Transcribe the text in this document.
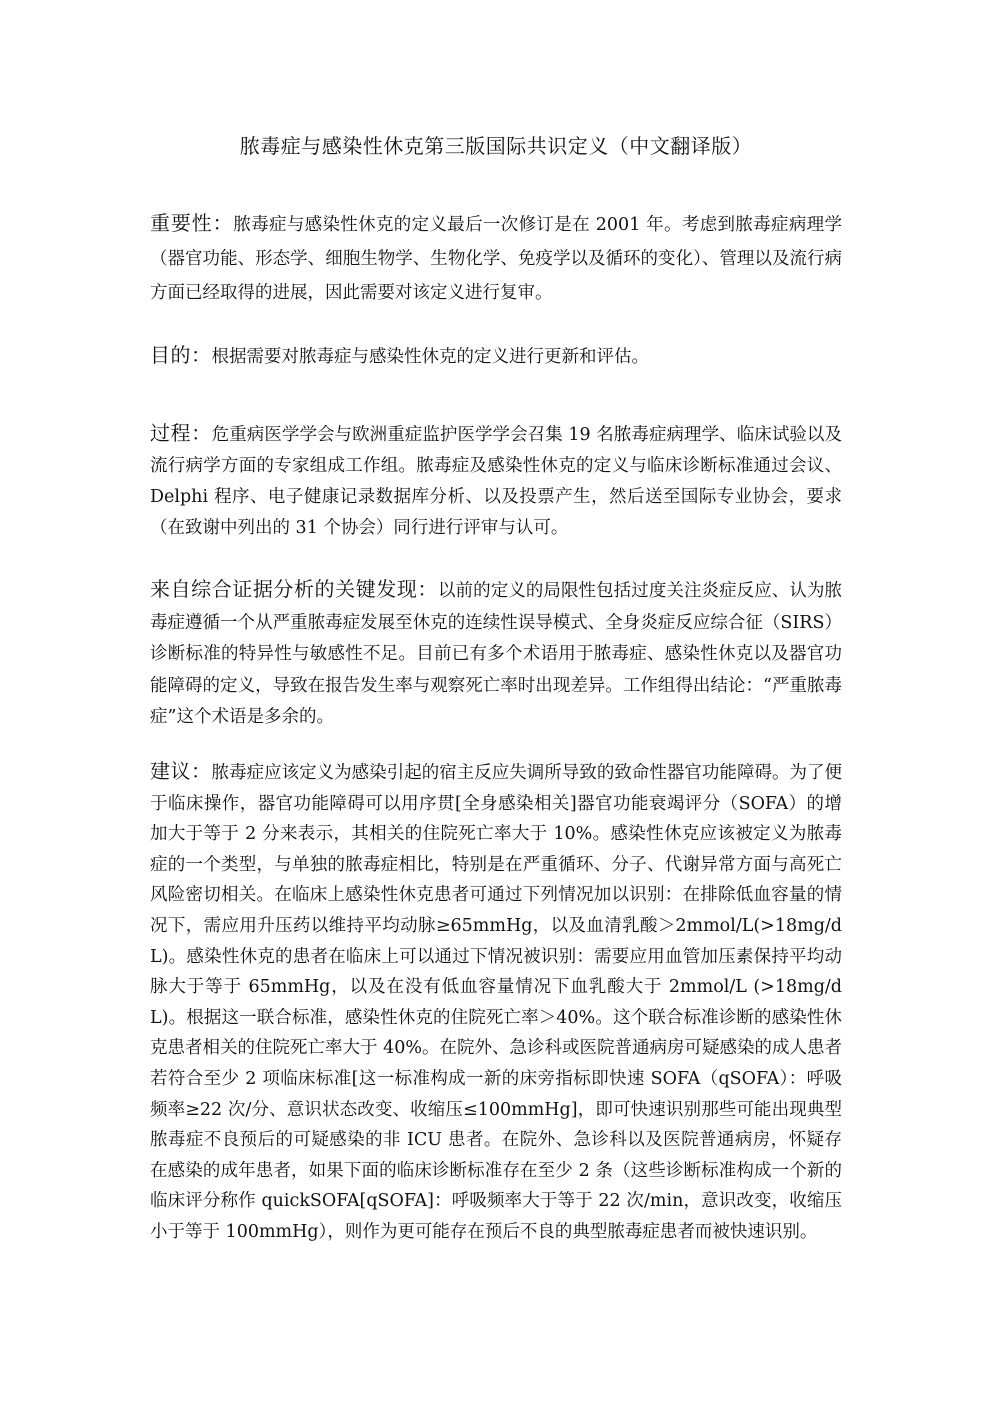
脓毒症与感染性休克第三版国际共识定义（中文翻译版）
重要性：脓毒症与感染性休克的定义最后一次修订是在 2001 年。考虑到脓毒症病理学（器官功能、形态学、细胞生物学、生物化学、免疫学以及循环的变化）、管理以及流行病方面已经取得的进展，因此需要对该定义进行复审。
目的：根据需要对脓毒症与感染性休克的定义进行更新和评估。
过程：危重病医学学会与欧洲重症监护医学学会召集 19 名脓毒症病理学、临床试验以及流行病学方面的专家组成工作组。脓毒症及感染性休克的定义与临床诊断标准通过会议、Delphi 程序、电子健康记录数据库分析、以及投票产生，然后送至国际专业协会，要求（在致谢中列出的 31 个协会）同行进行评审与认可。
来自综合证据分析的关键发现：以前的定义的局限性包括过度关注炎症反应、认为脓毒症遵循一个从严重脓毒症发展至休克的连续性误导模式、全身炎症反应综合征（SIRS）诊断标准的特异性与敏感性不足。目前已有多个术语用于脓毒症、感染性休克以及器官功能障碍的定义，导致在报告发生率与观察死亡率时出现差异。工作组得出结论：“严重脓毒症”这个术语是多余的。
建议：脓毒症应该定义为感染引起的宿主反应失调所导致的致命性器官功能障碍。为了便于临床操作，器官功能障碍可以用序贯[全身感染相关]器官功能衰竭评分（SOFA）的增加大于等于 2 分来表示，其相关的住院死亡率大于 10%。感染性休克应该被定义为脓毒症的一个类型，与单独的脓毒症相比，特别是在严重循环、分子、代谢异常方面与高死亡风险密切相关。在临床上感染性休克患者可通过下列情况加以识别：在排除低血容量的情况下，需应用升压药以维持平均动脉≥65mmHg，以及血清乳酸＞2mmol/L(>18mg/dL)。感染性休克的患者在临床上可以通过下情况被识别：需要应用血管加压素保持平均动脉大于等于 65mmHg，以及在没有低血容量情况下血乳酸大于 2mmol/L (>18mg/dL)。根据这一联合标准，感染性休克的住院死亡率＞40%。这个联合标准诊断的感染性休克患者相关的住院死亡率大于 40%。在院外、急诊科或医院普通病房可疑感染的成人患者若符合至少 2 项临床标准[这一标准构成一新的床旁指标即快速 SOFA（qSOFA）：呼吸频率≥22 次/分、意识状态改变、收缩压≤100mmHg]，即可快速识别那些可能出现典型脓毒症不良预后的可疑感染的非 ICU 患者。在院外、急诊科以及医院普通病房，怀疑存在感染的成年患者，如果下面的临床诊断标准存在至少 2 条（这些诊断标准构成一个新的临床评分称作 quickSOFA[qSOFA]：呼吸频率大于等于 22 次/min，意识改变，收缩压小于等于 100mmHg），则作为更可能存在预后不良的典型脓毒症患者而被快速识别。
